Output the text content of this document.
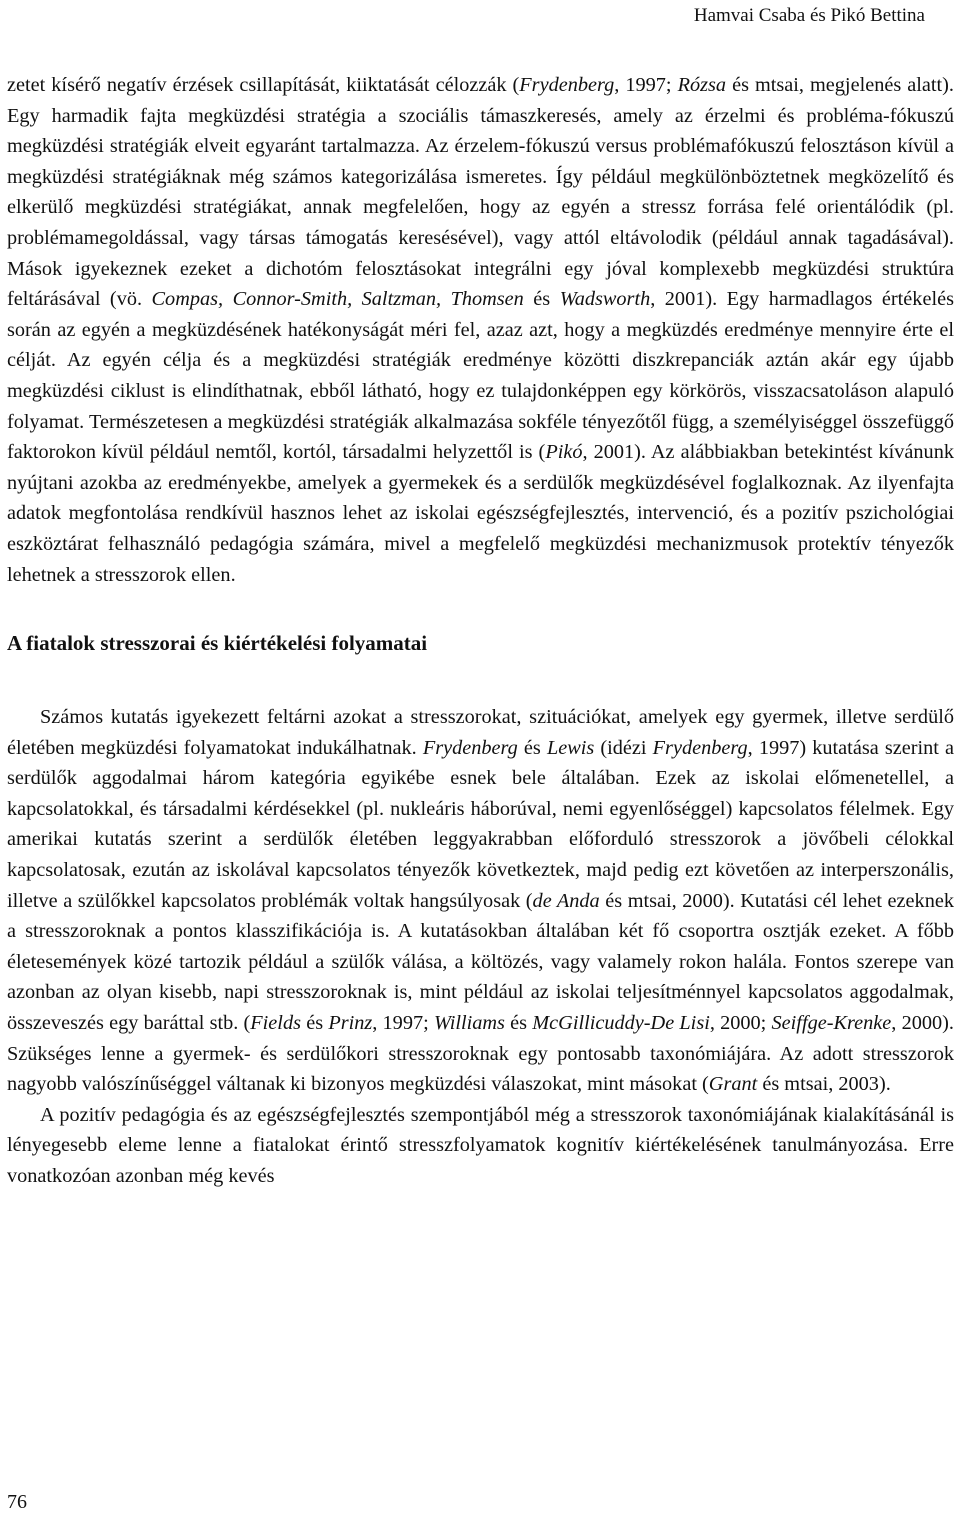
Hamvai Csaba és Pikó Bettina

zetet kísérő negatív érzések csillapítását, kiiktatását célozzák (Frydenberg, 1997; Rózsa és mtsai, megjelenés alatt). Egy harmadik fajta megküzdési stratégia a szociális támaszkeresés, amely az érzelmi és probléma-fókuszú megküzdési stratégiák elveit egyaránt tartalmazza. Az érzelem-fókuszú versus problémafókuszú felosztáson kívül a megküzdési stratégiáknak még számos kategorizálása ismeretes. Így például megkülönböztetnek megközelítő és elkerülő megküzdési stratégiákat, annak megfelelően, hogy az egyén a stressz forrása felé orientálódik (pl. problémamegoldással, vagy társas támogatás keresésével), vagy attól eltávolodik (például annak tagadásával). Mások igyekeznek ezeket a dichotóm felosztásokat integrálni egy jóval komplexebb megküzdési struktúra feltárásával (vö. Compas, Connor-Smith, Saltzman, Thomsen és Wadsworth, 2001). Egy harmadlagos értékelés során az egyén a megküzdésének hatékonyságát méri fel, azaz azt, hogy a megküzdés eredménye mennyire érte el célját. Az egyén célja és a megküzdési stratégiák eredménye közötti diszkrepanciák aztán akár egy újabb megküzdési ciklust is elindíthatnak, ebből látható, hogy ez tulajdonképpen egy körkörös, visszacsatoláson alapuló folyamat. Természetesen a megküzdési stratégiák alkalmazása sokféle tényezőtől függ, a személyiséggel összefüggő faktorokon kívül például nemtől, kortól, társadalmi helyzettől is (Pikó, 2001). Az alábbiakban betekintést kívánunk nyújtani azokba az eredményekbe, amelyek a gyermekek és a serdülők megküzdésével foglalkoznak. Az ilyenfajta adatok megfontolása rendkívül hasznos lehet az iskolai egészségfejlesztés, intervenció, és a pozitív pszichológiai eszköztárat felhasználó pedagógia számára, mivel a megfelelő megküzdési mechanizmusok protektív tényezők lehetnek a stresszorok ellen.

A fiatalok stresszorai és kiértékelési folyamatai

Számos kutatás igyekezett feltárni azokat a stresszorokat, szituációkat, amelyek egy gyermek, illetve serdülő életében megküzdési folyamatokat indukálhatnak. Frydenberg és Lewis (idézi Frydenberg, 1997) kutatása szerint a serdülők aggodalmai három kategória egyikébe esnek bele általában. Ezek az iskolai előmenetellel, a kapcsolatokkal, és társadalmi kérdésekkel (pl. nukleáris háborúval, nemi egyenlőséggel) kapcsolatos félelmek. Egy amerikai kutatás szerint a serdülők életében leggyakrabban előforduló stresszorok a jövőbeli célokkal kapcsolatosak, ezután az iskolával kapcsolatos tényezők következtek, majd pedig ezt követően az interperszonális, illetve a szülőkkel kapcsolatos problémák voltak hangsúlyosak (de Anda és mtsai, 2000). Kutatási cél lehet ezeknek a stresszoroknak a pontos klasszifikációja is. A kutatásokban általában két fő csoportra osztják ezeket. A főbb életesemények közé tartozik például a szülők válása, a költözés, vagy valamely rokon halála. Fontos szerepe van azonban az olyan kisebb, napi stresszoroknak is, mint például az iskolai teljesítménnyel kapcsolatos aggodalmak, összeveszés egy baráttal stb. (Fields és Prinz, 1997; Williams és McGillicuddy-De Lisi, 2000; Seiffge-Krenke, 2000). Szükséges lenne a gyermek- és serdülőkori stresszoroknak egy pontosabb taxonómiájára. Az adott stresszorok nagyobb valószínűséggel váltanak ki bizonyos megküzdési válaszokat, mint másokat (Grant és mtsai, 2003).

A pozitív pedagógia és az egészségfejlesztés szempontjából még a stresszorok taxonómiájának kialakításánál is lényegesebb eleme lenne a fiatalokat érintő stresszfolyamatok kognitív kiértékelésének tanulmányozása. Erre vonatkozóan azonban még kevés

76
